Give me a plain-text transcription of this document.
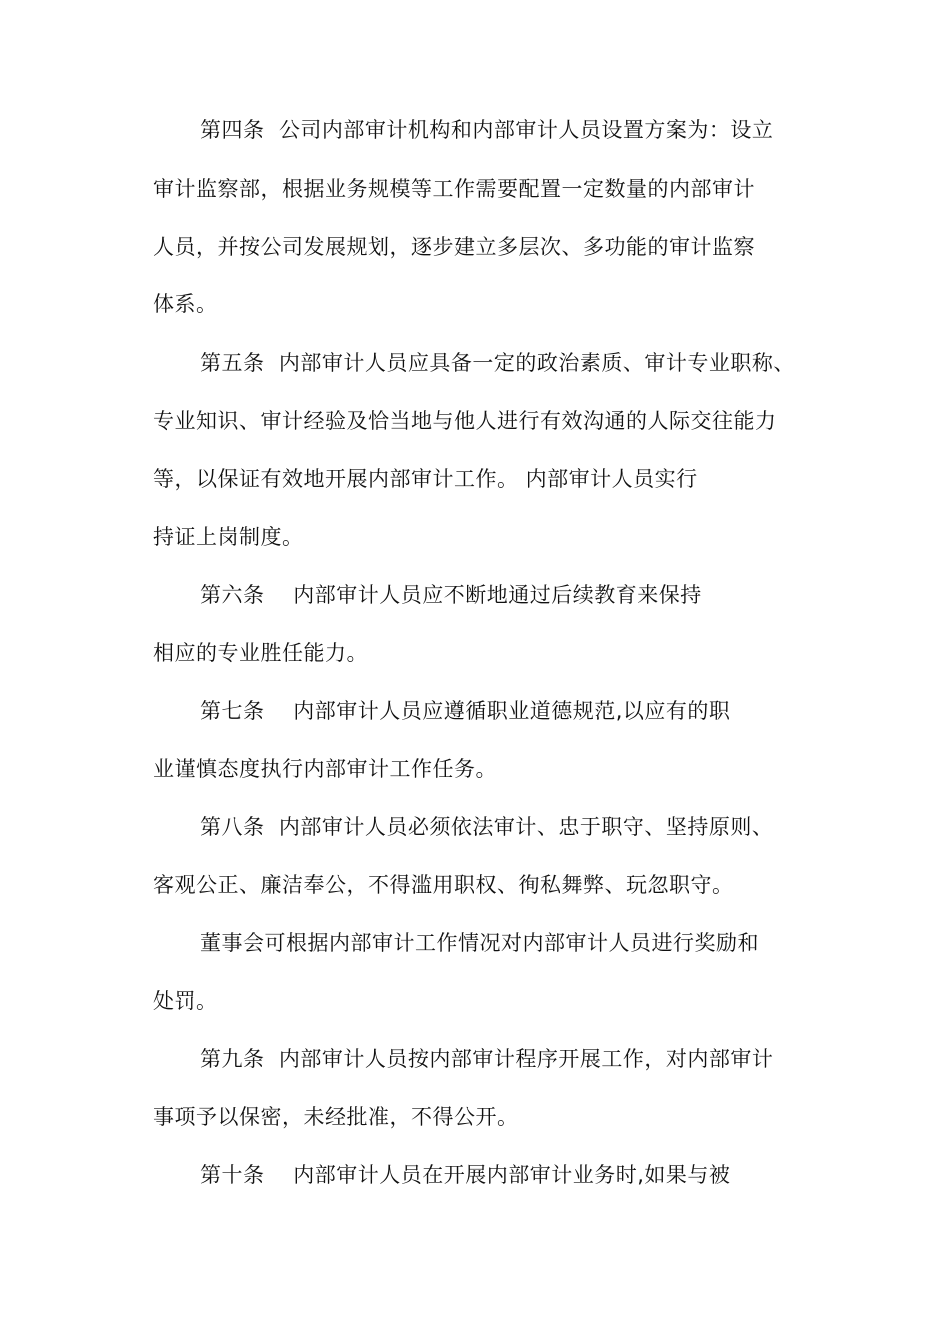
第四条  公司内部审计机构和内部审计人员设置方案为：设立
审计监察部，根据业务规模等工作需要配置一定数量的内部审计
人员，并按公司发展规划，逐步建立多层次、多功能的审计监察
体系。
第五条  内部审计人员应具备一定的政治素质、审计专业职称、
专业知识、审计经验及恰当地与他人进行有效沟通的人际交往能力
等，以保证有效地开展内部审计工作。 内部审计人员实行
持证上岗制度。
第六条    内部审计人员应不断地通过后续教育来保持
相应的专业胜任能力。
第七条    内部审计人员应遵循职业道德规范,以应有的职
业谨慎态度执行内部审计工作任务。
第八条  内部审计人员必须依法审计、忠于职守、坚持原则、
客观公正、廉洁奉公，不得滥用职权、徇私舞弊、玩忽职守。
董事会可根据内部审计工作情况对内部审计人员进行奖励和
处罚。
第九条  内部审计人员按内部审计程序开展工作，对内部审计
事项予以保密，未经批准，不得公开。
第十条    内部审计人员在开展内部审计业务时,如果与被
